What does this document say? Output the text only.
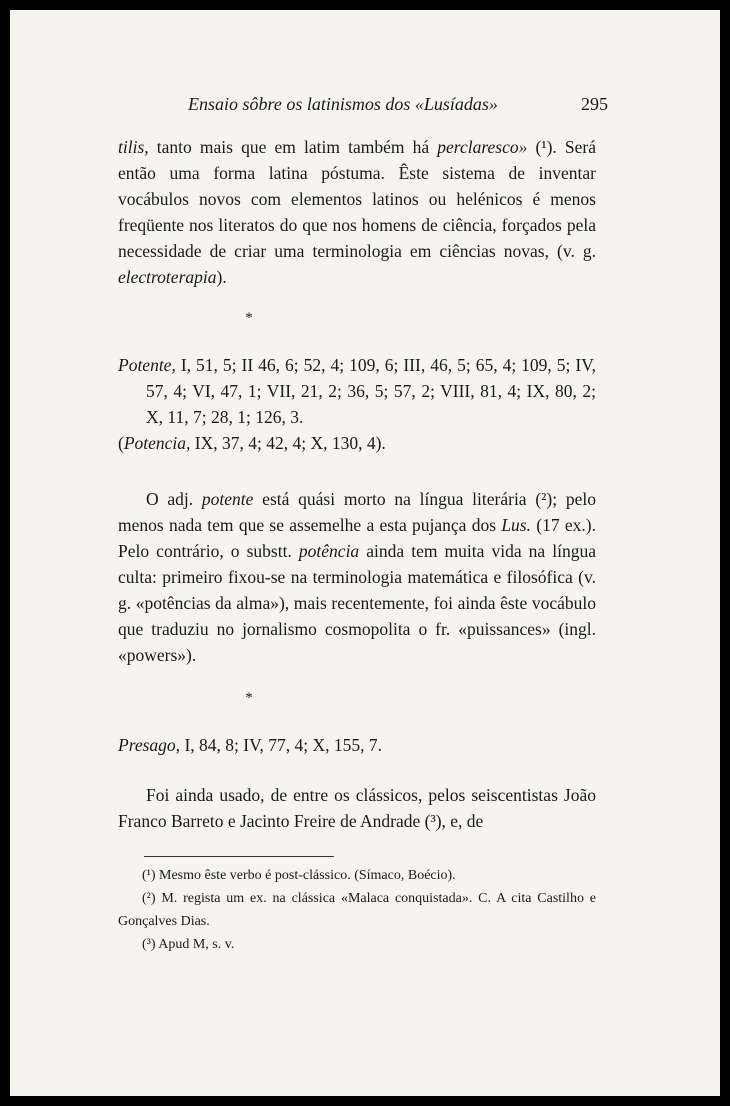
Ensaio sôbre os latinismos dos «Lusíadas»	295

tilis, tanto mais que em latim também há perclaresco» (¹). Será então uma forma latina póstuma. Êste sistema de inventar vocábulos novos com elementos latinos ou helénicos é menos freqüente nos literatos do que nos homens de ciência, forçados pela necessidade de criar uma terminologia em ciências novas, (v. g. electroterapia).

*

Potente, I, 51, 5; II 46, 6; 52, 4; 109, 6; III, 46, 5; 65, 4; 109, 5; IV, 57, 4; VI, 47, 1; VII, 21, 2; 36, 5; 57, 2; VIII, 81, 4; IX, 80, 2; X, 11, 7; 28, 1; 126, 3.

(Potencia, IX, 37, 4; 42, 4; X, 130, 4).

O adj. potente está quási morto na língua literária (²); pelo menos nada tem que se assemelhe a esta pujança dos Lus. (17 ex.). Pelo contrário, o substt. potência ainda tem muita vida na língua culta: primeiro fixou-se na terminologia matemática e filosófica (v. g. «potências da alma»), mais recentemente, foi ainda êste vocábulo que traduziu no jornalismo cosmopolita o fr. «puissances» (ingl. «powers»).

*

Presago, I, 84, 8; IV, 77, 4; X, 155, 7.

Foi ainda usado, de entre os clássicos, pelos seiscentistas João Franco Barreto e Jacinto Freire de Andrade (³), e, de

(¹) Mesmo êste verbo é post-clássico. (Símaco, Boécio).

(²) M. regista um ex. na clássica «Malaca conquistada». C. A cita Castilho e Gonçalves Dias.

(³) Apud M, s. v.
